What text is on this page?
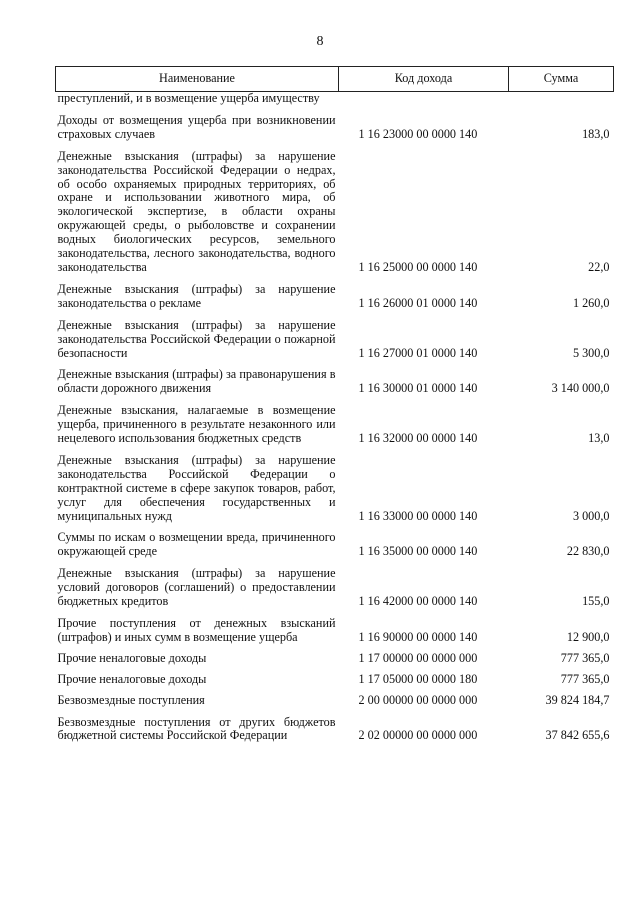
8
Наименование	Код дохода	Сумма
преступлений, и в возмещение ущерба имуществу		
Доходы от возмещения ущерба при возникновении страховых случаев	1 16 23000 00 0000 140	183,0
Денежные взыскания (штрафы) за нарушение законодательства Российской Федерации о недрах, об особо охраняемых природных территориях, об охране и использовании животного мира, об экологической экспертизе, в области охраны окружающей среды, о рыболовстве и сохранении водных биологических ресурсов, земельного законодательства, лесного законодательства, водного законодательства	1 16 25000 00 0000 140	22,0
Денежные взыскания (штрафы) за нарушение законодательства о рекламе	1 16 26000 01 0000 140	1 260,0
Денежные взыскания (штрафы) за нарушение законодательства Российской Федерации о пожарной безопасности	1 16 27000 01 0000 140	5 300,0
Денежные взыскания (штрафы) за правонарушения в области дорожного движения	1 16 30000 01 0000 140	3 140 000,0
Денежные взыскания, налагаемые в возмещение ущерба, причиненного в результате незаконного или нецелевого использования бюджетных средств	1 16 32000 00 0000 140	13,0
Денежные взыскания (штрафы) за нарушение законодательства Российской Федерации о контрактной системе в сфере закупок товаров, работ, услуг для обеспечения государственных и муниципальных нужд	1 16 33000 00 0000 140	3 000,0
Суммы по искам о возмещении вреда, причиненного окружающей среде	1 16 35000 00 0000 140	22 830,0
Денежные взыскания (штрафы) за нарушение условий договоров (соглашений) о предоставлении бюджетных кредитов	1 16 42000 00 0000 140	155,0
Прочие поступления от денежных взысканий (штрафов) и иных сумм в возмещение ущерба	1 16 90000 00 0000 140	12 900,0
Прочие неналоговые доходы	1 17 00000 00 0000 000	777 365,0
Прочие неналоговые доходы	1 17 05000 00 0000 180	777 365,0
Безвозмездные поступления	2 00 00000 00 0000 000	39 824 184,7
Безвозмездные поступления от других бюджетов бюджетной системы Российской Федерации	2 02 00000 00 0000 000	37 842 655,6
